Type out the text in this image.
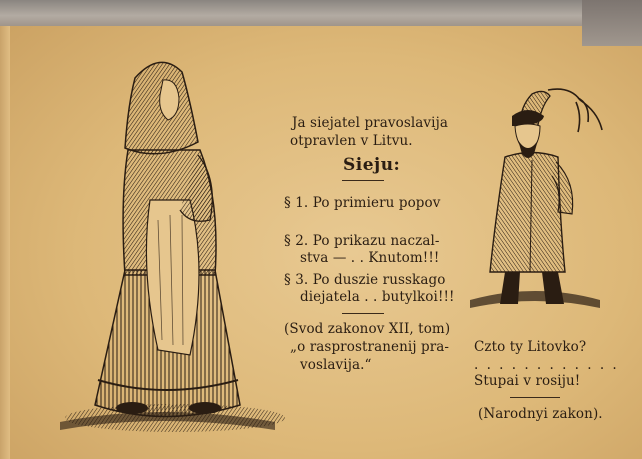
Ja siejatel pravoslavija
otpravlen v Litvu.
Sieju:
§ 1. Po primieru popov
§ 2. Po prikazu naczal-
stva — . . Knutom!!!
§ 3. Po duszie russkago
diejatela . . butylkoi!!!
(Svod zakonov XII, tom)
„o rasprostranenij pra-
voslavija.“
Czto ty Litovko?
. . . . . . . . . . . .
Stupai v rosiju!
(Narodnyi zakon).
